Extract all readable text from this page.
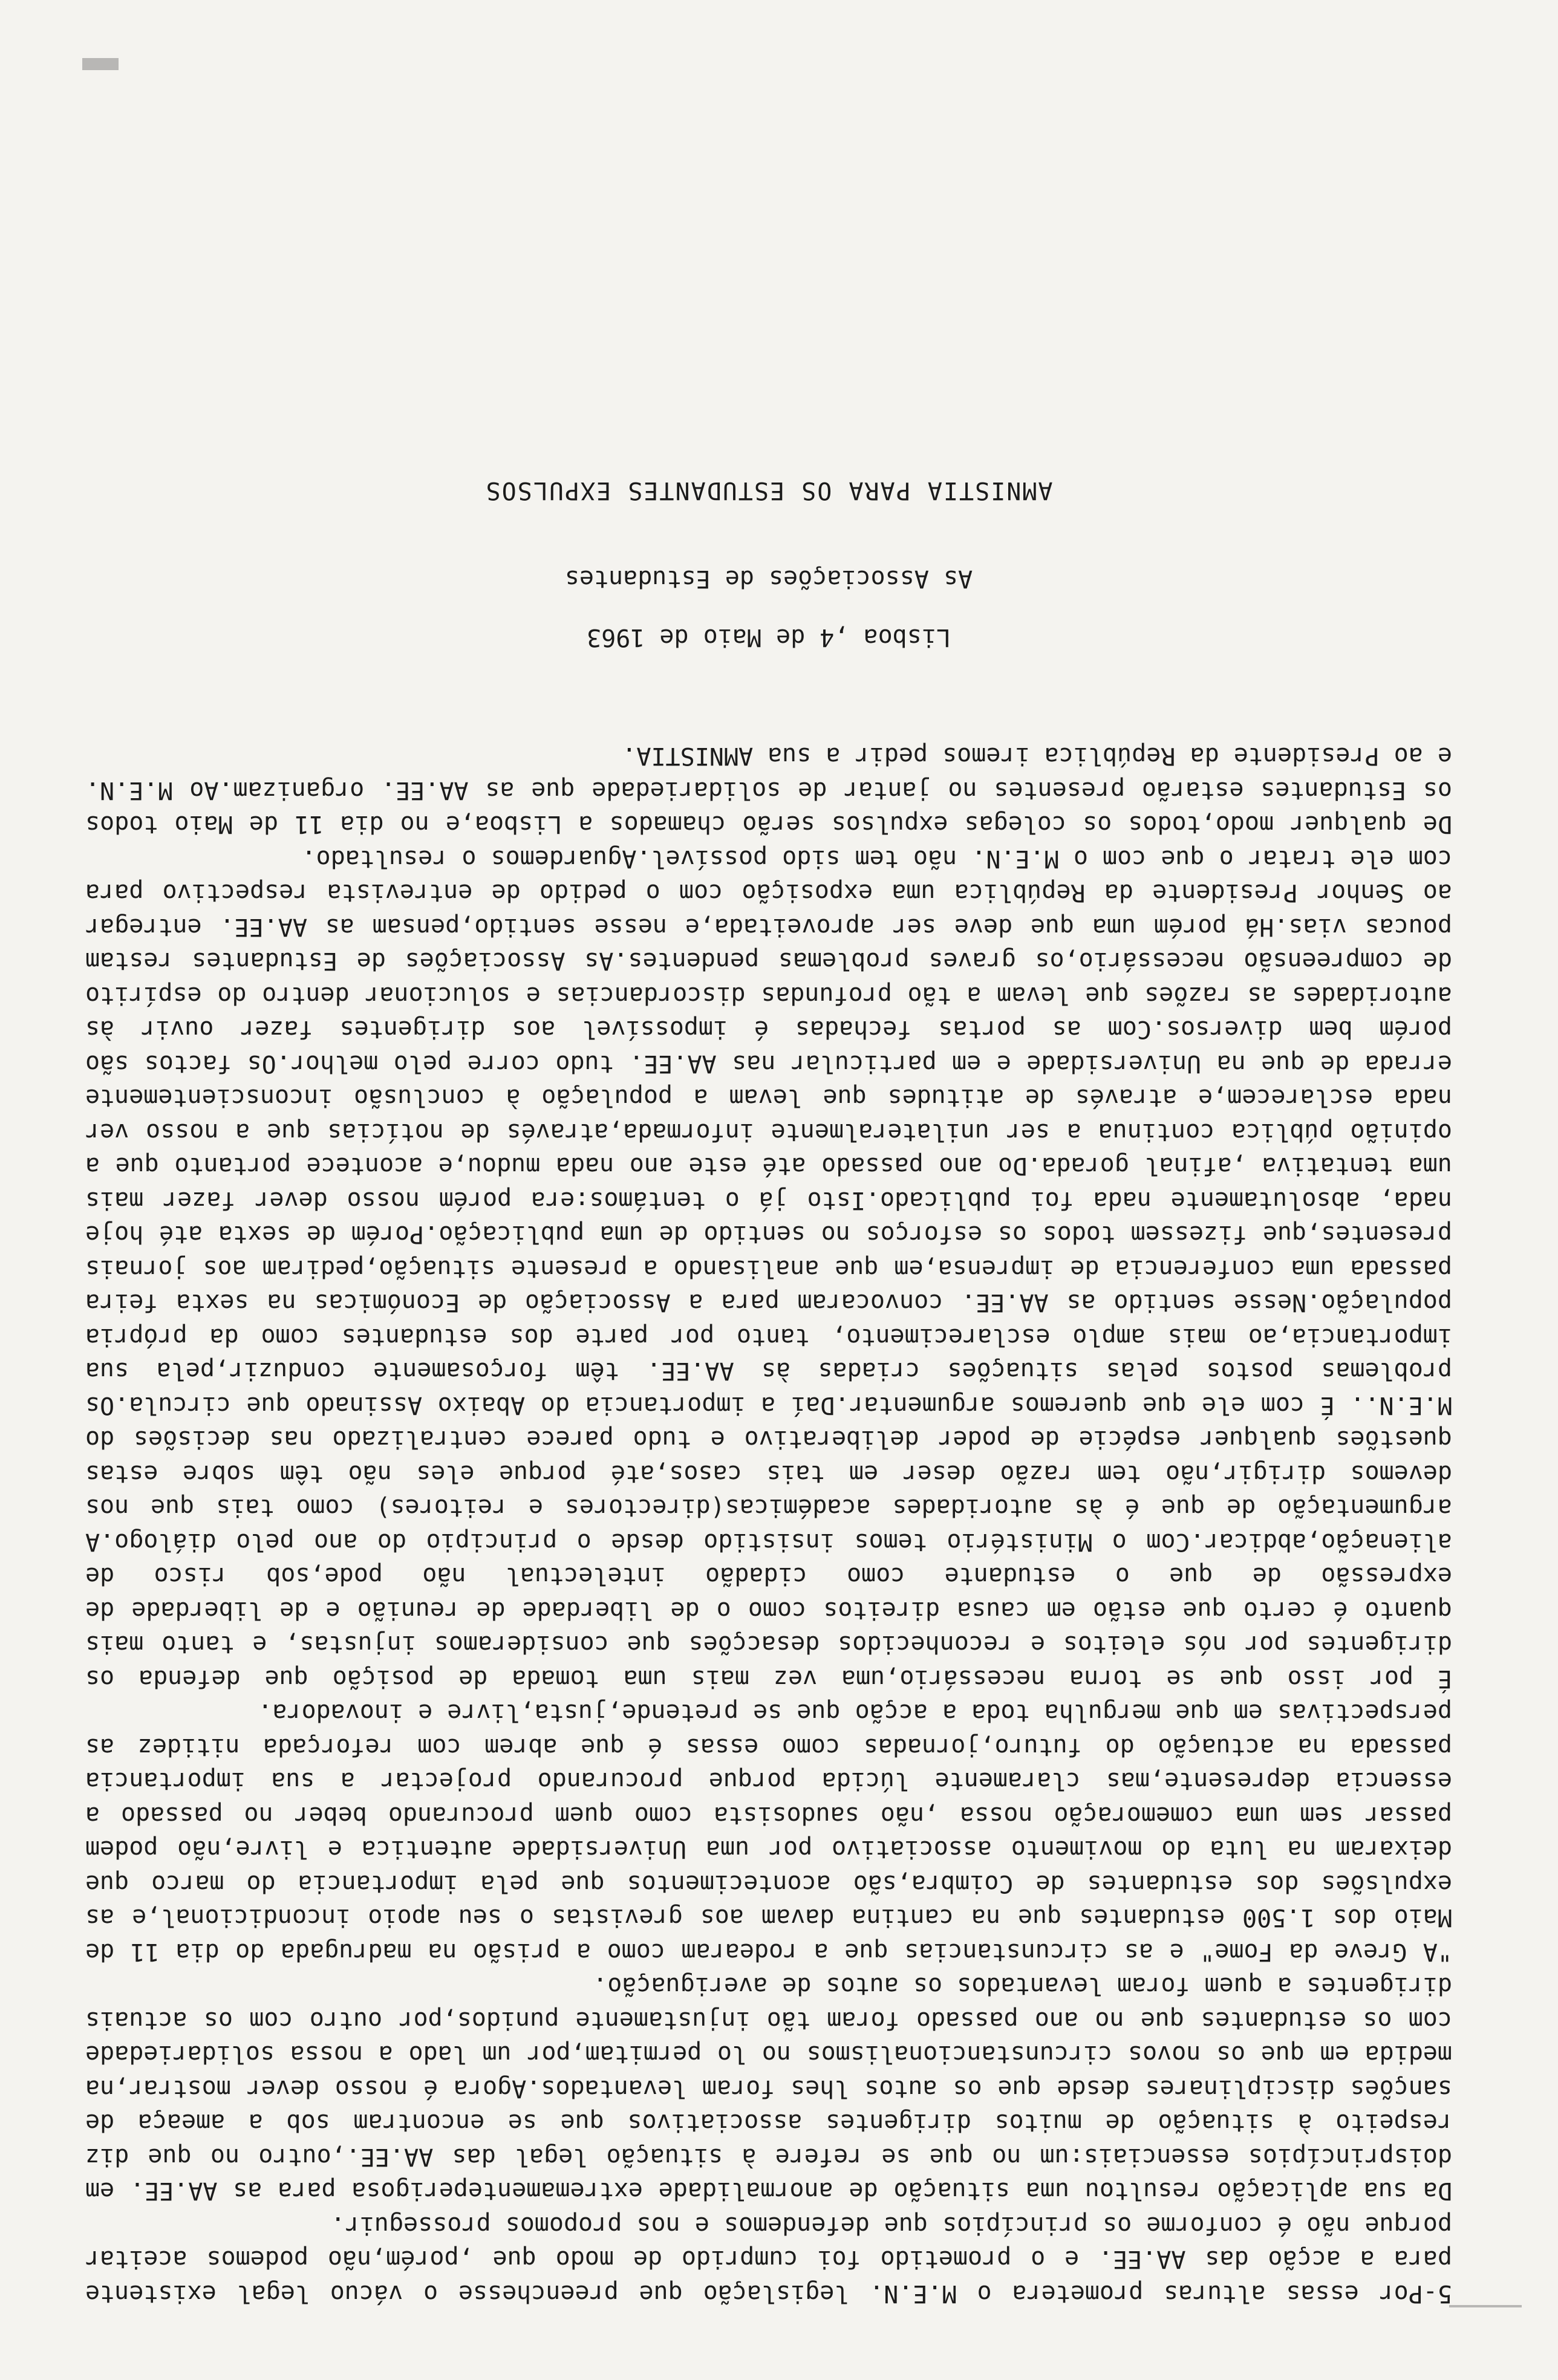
5-Por essas alturas prometera o M.E.N. legislação que preenchesse o vácuo legal existente para a acção das AA.EE. e o prometido foi cumprido de modo que ,porém,não podemos aceitar porque não é conforme os princípios que defendemos e nos propomos prosseguir.

Da sua aplicação resultou uma situação de anormalidade extremamenteperigosa para as AA.EE. em doisprincípios essenciais:um no que se refere à situação legal das AA.EE.,outro no que diz respeito à situação de muitos dirigentes associativos que se encontram sob a ameaça de sanções disciplinares desde que os autos lhes foram levantados.Agora é nosso dever mostrar,na medida em que os novos circunstancionalismos no lo permitam,por um lado a nossa solidariedade com os estudantes que no ano passado foram tão injustamente punidos,por outro com os actuais dirigentes a quem foram levantados os autos de averiguação.

"A Greve da Fome" e as circunstancias que a rodearam como a prisão na madrugada do dia 11 de Maio dos 1.500 estudantes que na cantina davam aos grevistas o seu apoio incondicional,e as expulsões dos estudantes de Coimbra,são acontecimentos que pela importancia do marco que deixaram na luta do movimento associativo por uma Universidade autentica e livre,não podem passar sem uma comemoração nossa ,não saudosista como quem procurando beber no passado a essencia depresente,mas claramente lúcida porque procurando projectar a sua importancia passada na actuação do futuro,jornadas como essas é que abrem com reforçada nitidez as perspectivas em que mergulha toda a acção que se pretende,justa,livre e inovadora.

É por isso que se torna necessário,uma vez mais uma tomada de posição que defenda os dirigentes por nós eleitos e reconhecidos desacções que consideramos injustas, e tanto mais quanto é certo que estão em causa direitos como o de liberdade de reunião e de liberdade de expressão de que o estudante como cidadão intelectual não pode,sob risco de alienação,abdicar.Com o Ministério temos insistido desde o principio do ano pelo diálogo.A argumentação de que é às autoridades académicas(directores e reitores) como tais que nos devemos dirigir,não tem razão deser em tais casos,até porque eles não têm sobre estas questões qualquer espécie de poder deliberativo e tudo parece centralizado nas decisões do M.E.N.. É com ele que queremos argumentar.Daí a importancia do Abaixo Assinado que circula.Os problemas postos pelas situações criadas às AA.EE. têm forçosamente conduzir,pela sua importancia,ao mais amplo esclarecimento, tanto por parte dos estudantes como da própria população.Nesse sentido as AA.EE. convocaram para a Associação de Económicas na sexta feira passada uma conferencia de imprensa,em que analisando a presente situação,pediram aos jornais presentes,que fizessem todos os esforços no sentido de uma publicação.Porém de sexta até hoje nada, absolutamente nada foi publicado.Isto já o tentámos:era porém nosso dever fazer mais uma tentativa ,afinal gorada.Do ano passado até este ano nada mudou,e acontece portanto que a opinião pública continua a ser unilateralmente informada,através de notícias que a nosso ver nada esclarecem,e através de atitudes que levam a população à conclusão inconscientemente errada de que na Universidade e em particular nas AA.EE. tudo corre pelo melhor.Os factos são porém bem diversos.Com as portas fechadas é impossível aos dirigentes fazer ouvir às autoridades as razões que levam a tão profundas discordancias e solucionar dentro do espírito de compreensão necessário,os graves problemas pendentes.As Associações de Estudantes restam poucas vias.Há porém uma que deve ser aproveitada,e nesse sentido,pensam as AA.EE. entregar ao Senhor Presidente da República uma exposição com o pedido de entrevista respectivo para com ele tratar o que com o M.E.N. não tem sido possível.Aguardemos o resultado.

De qualquer modo,todos os colegas expulsos serão chamados a Lisboa,e no dia 11 de Maio todos os Estudantes estarão presentes no jantar de solidariedade que as AA.EE. organizam.Ao M.E.N. e ao Presidente da República iremos pedir a sua AMNISTIA.

Lisboa ,4 de Maio de 1963
As Associações de Estudantes
AMNISTIA PARA OS ESTUDANTES EXPULSOS
